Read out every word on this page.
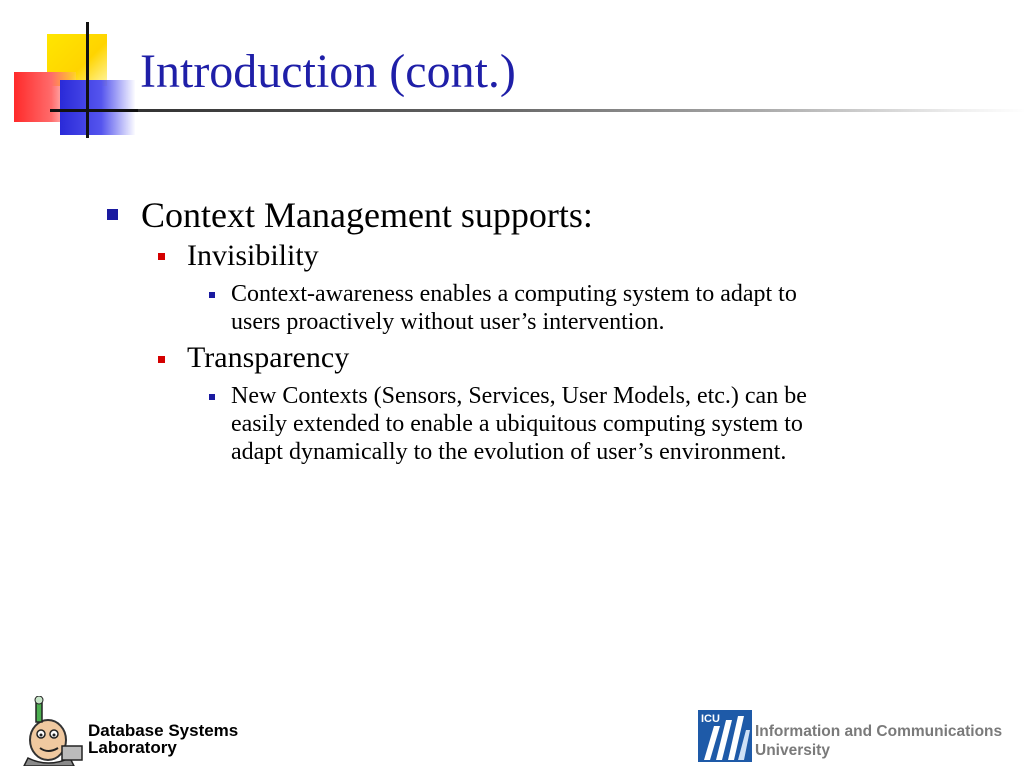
Introduction (cont.)
Context Management supports:
Invisibility
Context-awareness enables a computing system to adapt to
users proactively without user’s intervention.
Transparency
New Contexts (Sensors, Services, User Models, etc.) can be
easily extended to enable a ubiquitous computing system to
adapt dynamically to the evolution of user’s environment.
Database Systems
Laboratory
ICU
Information and Communications
University
